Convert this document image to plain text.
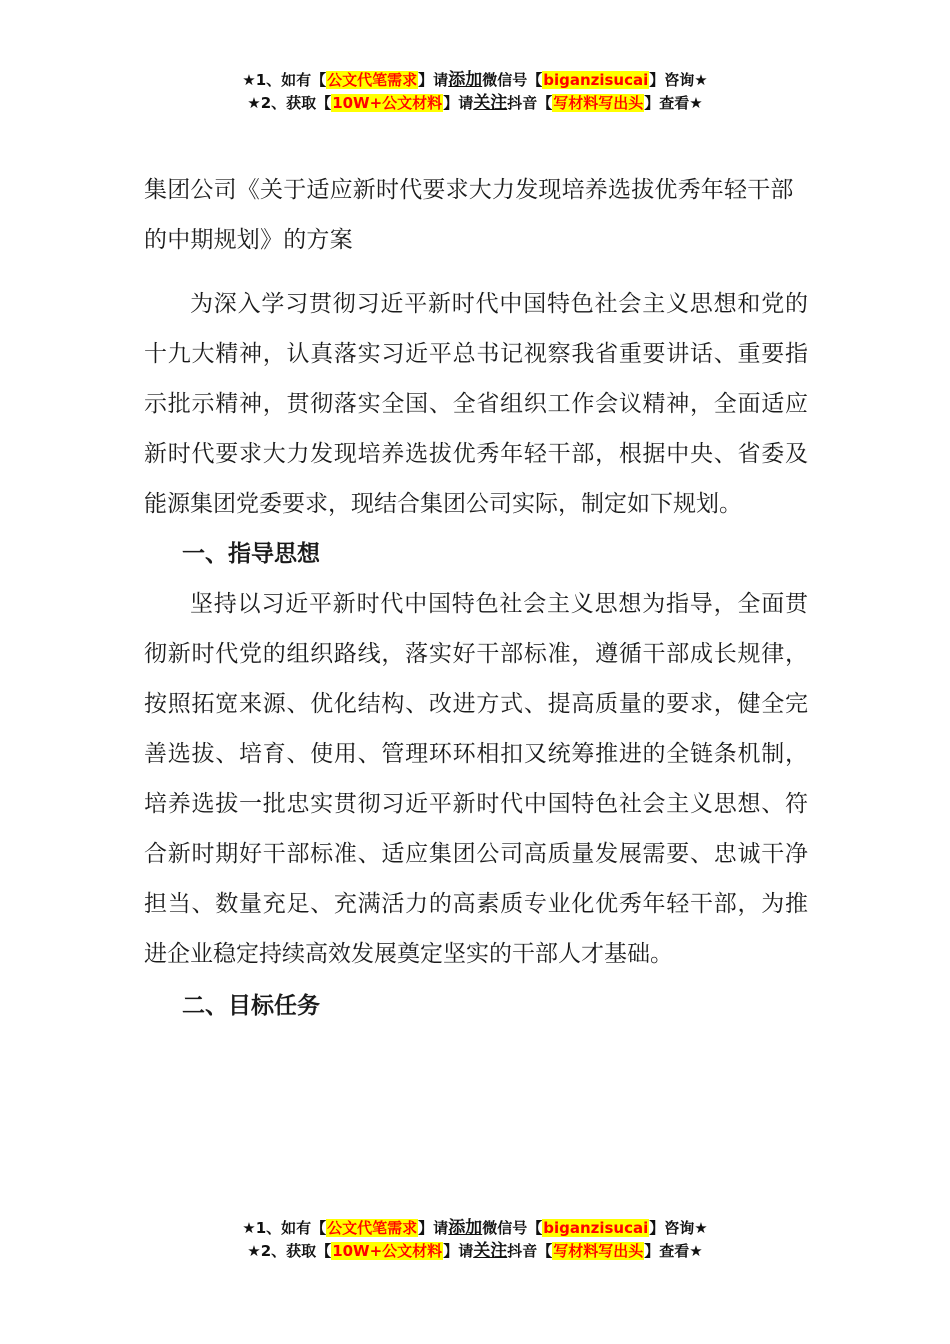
★1、如有【公文代笔需求】请添加微信号【biganzisucai】咨询★
★2、获取【10W+公文材料】请关注抖音【写材料写出头】查看★
集团公司《关于适应新时代要求大力发现培养选拔优秀年轻干部的中期规划》的方案

为深入学习贯彻习近平新时代中国特色社会主义思想和党的十九大精神，认真落实习近平总书记视察我省重要讲话、重要指示批示精神，贯彻落实全国、全省组织工作会议精神，全面适应新时代要求大力发现培养选拔优秀年轻干部，根据中央、省委及能源集团党委要求，现结合集团公司实际，制定如下规划。

一、指导思想

坚持以习近平新时代中国特色社会主义思想为指导，全面贯彻新时代党的组织路线，落实好干部标准，遵循干部成长规律，按照拓宽来源、优化结构、改进方式、提高质量的要求，健全完善选拔、培育、使用、管理环环相扣又统筹推进的全链条机制，培养选拔一批忠实贯彻习近平新时代中国特色社会主义思想、符合新时期好干部标准、适应集团公司高质量发展需要、忠诚干净担当、数量充足、充满活力的高素质专业化优秀年轻干部，为推进企业稳定持续高效发展奠定坚实的干部人才基础。

二、目标任务
★1、如有【公文代笔需求】请添加微信号【biganzisucai】咨询★
★2、获取【10W+公文材料】请关注抖音【写材料写出头】查看★
